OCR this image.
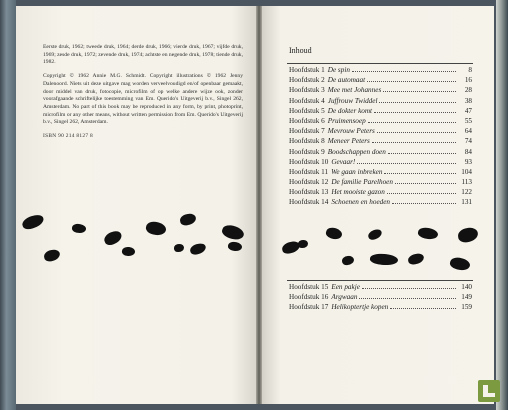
Eerste druk, 1962; tweede druk, 1964; derde druk, 1966; vierde druk, 1967; vijfde druk, 1969; zesde druk, 1972; zevende druk, 1974; achtste en negende druk, 1978; tiende druk, 1982.

Copyright © 1962 Annie M.G. Schmidt. Copyright illustrations © 1962 Jenny Dalenoord. Niets uit deze uitgave mag worden verveelvoudigd en/of openbaar gemaakt, door middel van druk, fotocopie, microfilm of op welke andere wijze ook, zonder voorafgaande schriftelijke toestemming van Em. Querido's Uitgeverij b.v., Singel 262, Amsterdam. No part of this book may be reproduced in any form, by print, photoprint, microfilm or any other means, without written permission from Em. Querido's Uitgeverij b.v., Singel 262, Amsterdam.

ISBN 90 214 8127 8

Inhoud
Hoofdstuk 1 De spin	8
Hoofdstuk 2 De automaat	16
Hoofdstuk 3 Mee met Johannes	28
Hoofdstuk 4 Juffrouw Twiddel	38
Hoofdstuk 5 De dokter komt	47
Hoofdstuk 6 Pruimensoep	55
Hoofdstuk 7 Mevrouw Peters	64
Hoofdstuk 8 Meneer Peters	74
Hoofdstuk 9 Boodschappen doen	84
Hoofdstuk 10 Gevaar!	93
Hoofdstuk 11 We gaan inbreken	104
Hoofdstuk 12 De familie Parelhoen	113
Hoofdstuk 13 Het mooiste gazon	122
Hoofdstuk 14 Schoenen en hoeden	131
Hoofdstuk 15 Een pakje	140
Hoofdstuk 16 Argwaan	149
Hoofdstuk 17 Helikoptertje kopen	159
